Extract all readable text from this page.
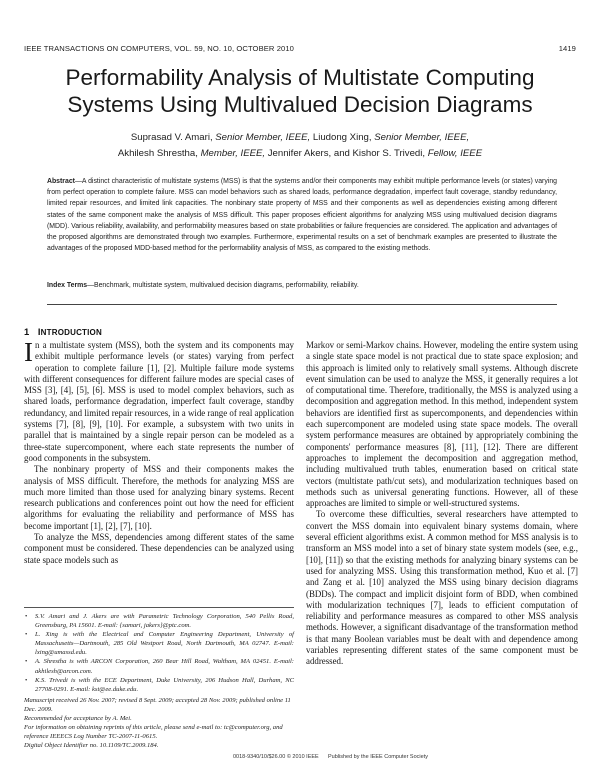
IEEE TRANSACTIONS ON COMPUTERS, VOL. 59, NO. 10, OCTOBER 2010	1419
Performability Analysis of Multistate Computing Systems Using Multivalued Decision Diagrams
Suprasad V. Amari, Senior Member, IEEE, Liudong Xing, Senior Member, IEEE,
Akhilesh Shrestha, Member, IEEE, Jennifer Akers, and Kishor S. Trivedi, Fellow, IEEE
Abstract—A distinct characteristic of multistate systems (MSS) is that the systems and/or their components may exhibit multiple performance levels (or states) varying from perfect operation to complete failure. MSS can model behaviors such as shared loads, performance degradation, imperfect fault coverage, standby redundancy, limited repair resources, and limited link capacities. The nonbinary state property of MSS and their components as well as dependencies existing among different states of the same component make the analysis of MSS difficult. This paper proposes efficient algorithms for analyzing MSS using multivalued decision diagrams (MDD). Various reliability, availability, and performability measures based on state probabilities or failure frequencies are considered. The application and advantages of the proposed algorithms are demonstrated through two examples. Furthermore, experimental results on a set of benchmark examples are presented to illustrate the advantages of the proposed MDD-based method for the performability analysis of MSS, as compared to the existing methods.
Index Terms—Benchmark, multistate system, multivalued decision diagrams, performability, reliability.
1 INTRODUCTION

In a multistate system (MSS), both the system and its components may exhibit multiple performance levels (or states) varying from perfect operation to complete failure [1], [2]. Multiple failure mode systems with different consequences for different failure modes are special cases of MSS [3], [4], [5], [6]. MSS is used to model complex behaviors, such as shared loads, performance degradation, imperfect fault coverage, standby redundancy, and limited repair resources, in a wide range of real application systems [7], [8], [9], [10]. For example, a subsystem with two units in parallel that is maintained by a single repair person can be modeled as a three-state supercomponent, where each state represents the number of good components in the subsystem.

The nonbinary property of MSS and their components makes the analysis of MSS difficult. Therefore, the methods for analyzing MSS are much more limited than those used for analyzing binary systems. Recent research publications and conferences point out how the need for efficient algorithms for evaluating the reliability and performance of MSS has become important [1], [2], [7], [10].

To analyze the MSS, dependencies among different states of the same component must be considered. These dependencies can be analyzed using state space models such as

• S.V. Amari and J. Akers are with Parametric Technology Corporation, 540 Pellis Road, Greensburg, PA 15601. E-mail: {samari, jakers}@ptc.com.
• L. Xing is with the Electrical and Computer Engineering Department, University of Massachusetts—Dartmouth, 285 Old Westport Road, North Dartmouth, MA 02747. E-mail: lxing@umassd.edu.
• A. Shrestha is with ARCON Corporation, 260 Bear Hill Road, Waltham, MA 02451. E-mail: akhilesh@arcon.com.
• K.S. Trivedi is with the ECE Department, Duke University, 206 Hudson Hall, Durham, NC 27708-0291. E-mail: kst@ee.duke.edu.
Manuscript received 26 Nov. 2007; revised 8 Sept. 2009; accepted 28 Nov. 2009; published online 11 Dec. 2009.
Recommended for acceptance by A. Mei.
For information on obtaining reprints of this article, please send e-mail to: tc@computer.org, and reference IEEECS Log Number TC-2007-11-0615.
Digital Object Identifier no. 10.1109/TC.2009.184.

Markov or semi-Markov chains. However, modeling the entire system using a single state space model is not practical due to state space explosion; and this approach is limited only to relatively small systems. Although discrete event simulation can be used to analyze the MSS, it generally requires a lot of computational time. Therefore, traditionally, the MSS is analyzed using a decomposition and aggregation method. In this method, independent system behaviors are identified first as supercomponents, and dependencies within each supercomponent are modeled using state space models. The overall system performance measures are obtained by appropriately combining the components' performance measures [8], [11], [12]. There are different approaches to implement the decomposition and aggregation method, including multivalued truth tables, enumeration based on critical state vectors (multistate path/cut sets), and modularization techniques based on methods such as universal generating functions. However, all of these approaches are limited to simple or well-structured systems.

To overcome these difficulties, several researchers have attempted to convert the MSS domain into equivalent binary systems domain, where several efficient algorithms exist. A common method for MSS analysis is to transform an MSS model into a set of binary state system models (see, e.g., [10], [11]) so that the existing methods for analyzing binary systems can be used for analyzing MSS. Using this transformation method, Kuo et al. [7] and Zang et al. [10] analyzed the MSS using binary decision diagrams (BDDs). The compact and implicit disjoint form of BDD, when combined with modularization techniques [7], leads to efficient computation of reliability and performance measures as compared to other MSS analysis methods. However, a significant disadvantage of the transformation method is that many Boolean variables must be dealt with and dependence among variables representing different states of the same component must be addressed.

0018-9340/10/$26.00 © 2010 IEEE Published by the IEEE Computer Society
